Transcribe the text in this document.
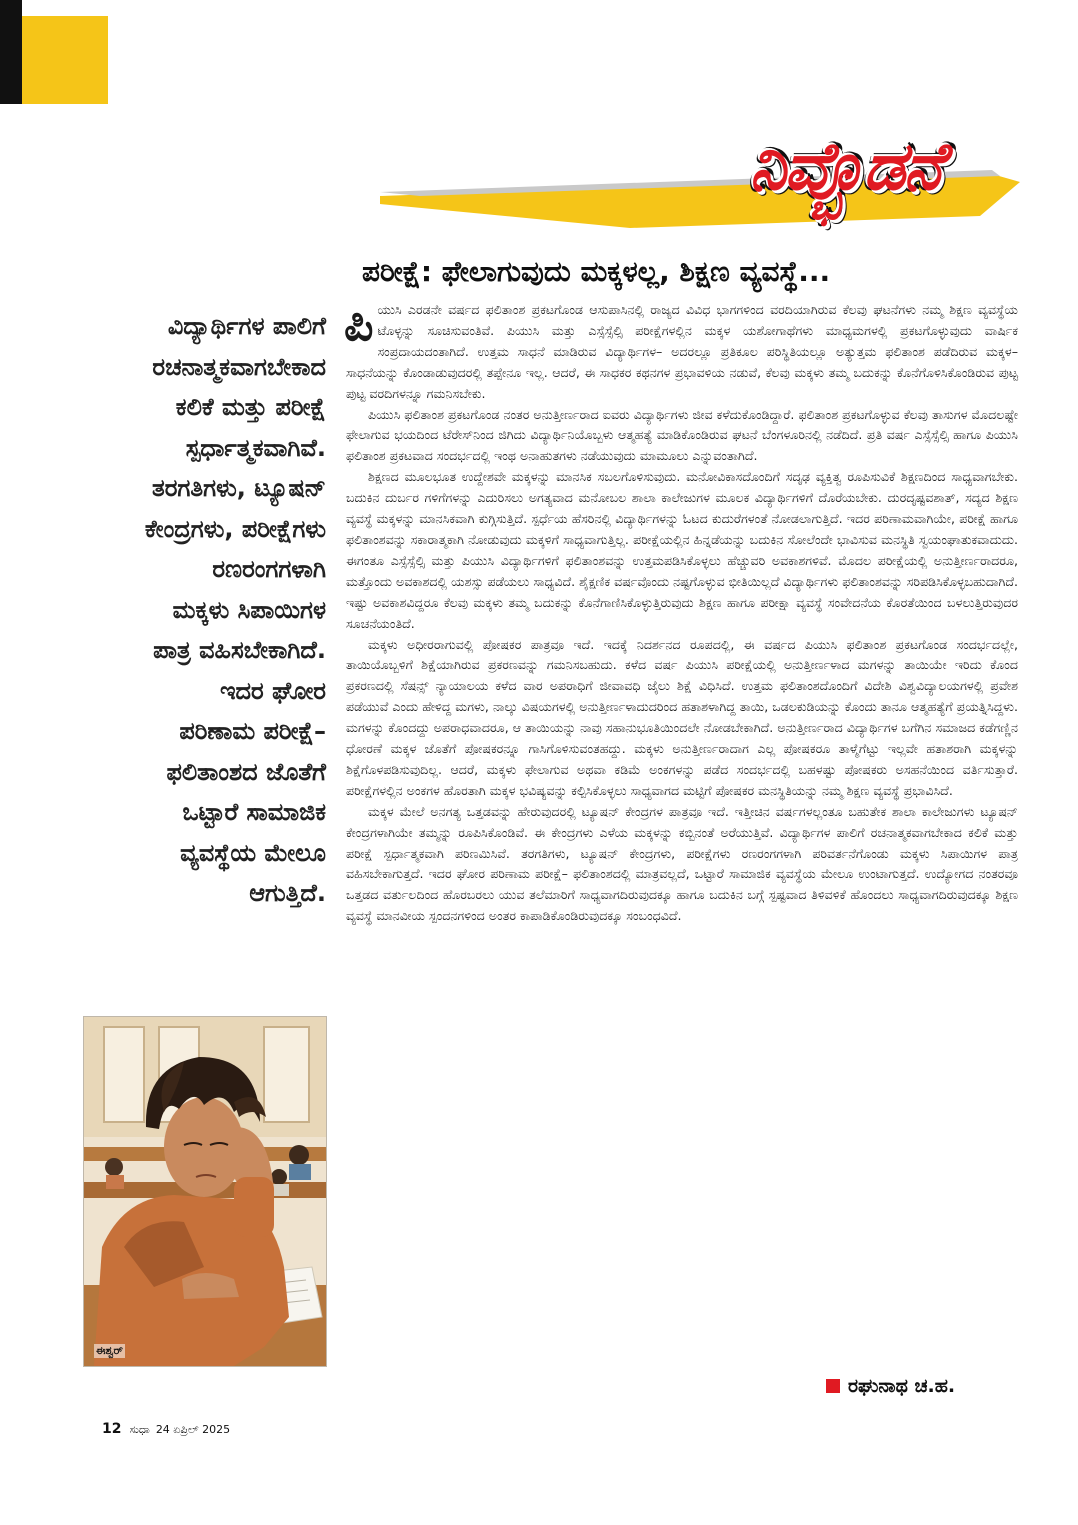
ನಿವ್ಭೊಡನೆ
ಪರೀಕ್ಷೆ: ಫೇಲಾಗುವುದು ಮಕ್ಕಳಲ್ಲ, ಶಿಕ್ಷಣ ವ್ಯವಸ್ಥೆ...

ವಿದ್ಯಾರ್ಥಿಗಳ ಪಾಲಿಗೆ

ರಚನಾತ್ಮಕವಾಗಬೇಕಾದ

ಕಲಿಕೆ ಮತ್ತು ಪರೀಕ್ಷೆ

ಸ್ಪರ್ಧಾತ್ಮಕವಾಗಿವೆ.

ತರಗತಿಗಳು, ಟ್ಯೂಷನ್

ಕೇಂದ್ರಗಳು, ಪರೀಕ್ಷೆಗಳು

ರಣರಂಗಗಳಾಗಿ

ಮಕ್ಕಳು ಸಿಪಾಯಿಗಳ

ಪಾತ್ರ ವಹಿಸಬೇಕಾಗಿದೆ.

ಇದರ ಘೋರ

ಪರಿಣಾಮ ಪರೀಕ್ಷೆ–

ಫಲಿತಾಂಶದ ಜೊತೆಗೆ

ಒಟ್ಟಾರೆ ಸಾಮಾಜಿಕ

ವ್ಯವಸ್ಥೆಯ ಮೇಲೂ

ಆಗುತ್ತಿದೆ.

ಈಶ್ವರ್

ಪಿಯುಸಿ ಎರಡನೇ ವರ್ಷದ ಫಲಿತಾಂಶ ಪ್ರಕಟಗೊಂಡ ಆಸುಪಾಸಿನಲ್ಲಿ ರಾಜ್ಯದ ವಿವಿಧ ಭಾಗಗಳಿಂದ ವರದಿಯಾಗಿರುವ ಕೆಲವು ಘಟನೆಗಳು ನಮ್ಮ ಶಿಕ್ಷಣ ವ್ಯವಸ್ಥೆಯ ಟೊಳ್ಳನ್ನು ಸೂಚಿಸುವಂತಿವೆ. ಪಿಯುಸಿ ಮತ್ತು ಎಸ್ಸೆಸ್ಸೆಲ್ಸಿ ಪರೀಕ್ಷೆಗಳಲ್ಲಿನ ಮಕ್ಕಳ ಯಶೋಗಾಥೆಗಳು ಮಾಧ್ಯಮಗಳಲ್ಲಿ ಪ್ರಕಟಗೊಳ್ಳುವುದು ವಾರ್ಷಿಕ ಸಂಪ್ರದಾಯದಂತಾಗಿದೆ. ಉತ್ತಮ ಸಾಧನೆ ಮಾಡಿರುವ ವಿದ್ಯಾರ್ಥಿಗಳ– ಅದರಲ್ಲೂ ಪ್ರತಿಕೂಲ ಪರಿಸ್ಥಿತಿಯಲ್ಲೂ ಅತ್ಯುತ್ತಮ ಫಲಿತಾಂಶ ಪಡೆದಿರುವ ಮಕ್ಕಳ– ಸಾಧನೆಯನ್ನು ಕೊಂಡಾಡುವುದರಲ್ಲಿ ತಪ್ಪೇನೂ ಇಲ್ಲ. ಆದರೆ, ಈ ಸಾಧಕರ ಕಥನಗಳ ಪ್ರಭಾವಳಿಯ ನಡುವೆ, ಕೆಲವು ಮಕ್ಕಳು ತಮ್ಮ ಬದುಕನ್ನು ಕೊನೆಗೊಳಿಸಿಕೊಂಡಿರುವ ಪುಟ್ಟ ಪುಟ್ಟ ವರದಿಗಳನ್ನೂ ಗಮನಿಸಬೇಕು.

ಪಿಯುಸಿ ಫಲಿತಾಂಶ ಪ್ರಕಟಗೊಂಡ ನಂತರ ಅನುತ್ತೀರ್ಣರಾದ ಐವರು ವಿದ್ಯಾರ್ಥಿಗಳು ಜೀವ ಕಳೆದುಕೊಂಡಿದ್ದಾರೆ. ಫಲಿತಾಂಶ ಪ್ರಕಟಗೊಳ್ಳುವ ಕೆಲವು ತಾಸುಗಳ ಮೊದಲಷ್ಟೇ ಫೇಲಾಗುವ ಭಯದಿಂದ ಟೆರೇಸ್‌ನಿಂದ ಜಿಗಿದು ವಿದ್ಯಾರ್ಥಿನಿಯೊಬ್ಬಳು ಆತ್ಮಹತ್ಯೆ ಮಾಡಿಕೊಂಡಿರುವ ಘಟನೆ ಬೆಂಗಳೂರಿನಲ್ಲಿ ನಡೆದಿದೆ. ಪ್ರತಿ ವರ್ಷ ಎಸ್ಸೆಸ್ಸೆಲ್ಸಿ ಹಾಗೂ ಪಿಯುಸಿ ಫಲಿತಾಂಶ ಪ್ರಕಟವಾದ ಸಂದರ್ಭದಲ್ಲಿ ಇಂಥ ಅನಾಹುತಗಳು ನಡೆಯುವುದು ಮಾಮೂಲು ಎನ್ನುವಂತಾಗಿದೆ.

ಶಿಕ್ಷಣದ ಮೂಲಭೂತ ಉದ್ದೇಶವೇ ಮಕ್ಕಳನ್ನು ಮಾನಸಿಕ ಸಬಲಗೊಳಿಸುವುದು. ಮನೋವಿಕಾಸದೊಂದಿಗೆ ಸದೃಢ ವ್ಯಕ್ತಿತ್ವ ರೂಪಿಸುವಿಕೆ ಶಿಕ್ಷಣದಿಂದ ಸಾಧ್ಯವಾಗಬೇಕು. ಬದುಕಿನ ದುರ್ಬರ ಗಳಿಗೆಗಳನ್ನು ಎದುರಿಸಲು ಅಗತ್ಯವಾದ ಮನೋಬಲ ಶಾಲಾ ಕಾಲೇಜುಗಳ ಮೂಲಕ ವಿದ್ಯಾರ್ಥಿಗಳಿಗೆ ದೊರೆಯಬೇಕು. ದುರದೃಷ್ಟವಶಾತ್, ಸದ್ಯದ ಶಿಕ್ಷಣ ವ್ಯವಸ್ಥೆ ಮಕ್ಕಳನ್ನು ಮಾನಸಿಕವಾಗಿ ಕುಗ್ಗಿಸುತ್ತಿದೆ. ಸ್ಪರ್ಧೆಯ ಹೆಸರಿನಲ್ಲಿ ವಿದ್ಯಾರ್ಥಿಗಳನ್ನು ಓಟದ ಕುದುರೆಗಳಂತೆ ನೋಡಲಾಗುತ್ತಿದೆ. ಇದರ ಪರಿಣಾಮವಾಗಿಯೇ, ಪರೀಕ್ಷೆ ಹಾಗೂ ಫಲಿತಾಂಶವನ್ನು ಸಕಾರಾತ್ಮಕಾಗಿ ನೋಡುವುದು ಮಕ್ಕಳಿಗೆ ಸಾಧ್ಯವಾಗುತ್ತಿಲ್ಲ. ಪರೀಕ್ಷೆಯಲ್ಲಿನ ಹಿನ್ನಡೆಯನ್ನು ಬದುಕಿನ ಸೋಲೆಂದೇ ಭಾವಿಸುವ ಮನಸ್ಥಿತಿ ಸ್ವಯಂಘಾತುಕವಾದುದು. ಈಗಂತೂ ಎಸ್ಸೆಸ್ಸೆಲ್ಸಿ ಮತ್ತು ಪಿಯುಸಿ ವಿದ್ಯಾರ್ಥಿಗಳಿಗೆ ಫಲಿತಾಂಶವನ್ನು ಉತ್ತಮಪಡಿಸಿಕೊಳ್ಳಲು ಹೆಚ್ಚುವರಿ ಅವಕಾಶಗಳಿವೆ. ಮೊದಲ ಪರೀಕ್ಷೆಯಲ್ಲಿ ಅನುತ್ತೀರ್ಣರಾದರೂ, ಮತ್ತೊಂದು ಅವಕಾಶದಲ್ಲಿ ಯಶಸ್ಸು ಪಡೆಯಲು ಸಾಧ್ಯವಿದೆ. ಶೈಕ್ಷಣಿಕ ವರ್ಷವೊಂದು ನಷ್ಟಗೊಳ್ಳುವ ಭೀತಿಯಿಲ್ಲದೆ ವಿದ್ಯಾರ್ಥಿಗಳು ಫಲಿತಾಂಶವನ್ನು ಸರಿಪಡಿಸಿಕೊಳ್ಳಬಹುದಾಗಿದೆ. ಇಷ್ಟು ಅವಕಾಶವಿದ್ದರೂ ಕೆಲವು ಮಕ್ಕಳು ತಮ್ಮ ಬದುಕನ್ನು ಕೊನೆಗಾಣಿಸಿಕೊಳ್ಳುತ್ತಿರುವುದು ಶಿಕ್ಷಣ ಹಾಗೂ ಪರೀಕ್ಷಾ ವ್ಯವಸ್ಥೆ ಸಂವೇದನೆಯ ಕೊರತೆಯಿಂದ ಬಳಲುತ್ತಿರುವುದರ ಸೂಚನೆಯಂತಿದೆ.

ಮಕ್ಕಳು ಅಧೀರರಾಗುವಲ್ಲಿ ಪೋಷಕರ ಪಾತ್ರವೂ ಇದೆ. ಇದಕ್ಕೆ ನಿದರ್ಶನದ ರೂಪದಲ್ಲಿ, ಈ ವರ್ಷದ ಪಿಯುಸಿ ಫಲಿತಾಂಶ ಪ್ರಕಟಗೊಂಡ ಸಂದರ್ಭದಲ್ಲೇ, ತಾಯಿಯೊಬ್ಬಳಿಗೆ ಶಿಕ್ಷೆಯಾಗಿರುವ ಪ್ರಕರಣವನ್ನು ಗಮನಿಸಬಹುದು. ಕಳೆದ ವರ್ಷ ಪಿಯುಸಿ ಪರೀಕ್ಷೆಯಲ್ಲಿ ಅನುತ್ತೀರ್ಣಳಾದ ಮಗಳನ್ನು ತಾಯಿಯೇ ಇರಿದು ಕೊಂದ ಪ್ರಕರಣದಲ್ಲಿ ಸೆಷನ್ಸ್ ನ್ಯಾಯಾಲಯ ಕಳೆದ ವಾರ ಅಪರಾಧಿಗೆ ಜೀವಾವಧಿ ಜೈಲು ಶಿಕ್ಷೆ ವಿಧಿಸಿದೆ. ಉತ್ತಮ ಫಲಿತಾಂಶದೊಂದಿಗೆ ವಿದೇಶಿ ವಿಶ್ವವಿದ್ಯಾಲಯಗಳಲ್ಲಿ ಪ್ರವೇಶ ಪಡೆಯುವೆ ಎಂದು ಹೇಳಿದ್ದ ಮಗಳು, ನಾಲ್ಕು ವಿಷಯಗಳಲ್ಲಿ ಅನುತ್ತೀರ್ಣಳಾದುದರಿಂದ ಹತಾಶಳಾಗಿದ್ದ ತಾಯಿ, ಒಡಲಕುಡಿಯನ್ನು ಕೊಂದು ತಾನೂ ಆತ್ಮಹತ್ಯೆಗೆ ಪ್ರಯತ್ನಿಸಿದ್ದಳು. ಮಗಳನ್ನು ಕೊಂದದ್ದು ಅಪರಾಧವಾದರೂ, ಆ ತಾಯಿಯನ್ನು ನಾವು ಸಹಾನುಭೂತಿಯಿಂದಲೇ ನೋಡಬೇಕಾಗಿದೆ. ಅನುತ್ತೀರ್ಣರಾದ ವಿದ್ಯಾರ್ಥಿಗಳ ಬಗೆಗಿನ ಸಮಾಜದ ಕಡೆಗಣ್ಣಿನ ಧೋರಣೆ ಮಕ್ಕಳ ಜೊತೆಗೆ ಪೋಷಕರನ್ನೂ ಗಾಸಿಗೊಳಿಸುವಂತಹದ್ದು. ಮಕ್ಕಳು ಅನುತ್ತೀರ್ಣರಾದಾಗ ಎಲ್ಲ ಪೋಷಕರೂ ತಾಳ್ಮೆಗೆಟ್ಟು ಇಲ್ಲವೇ ಹತಾಶರಾಗಿ ಮಕ್ಕಳನ್ನು ಶಿಕ್ಷೆಗೊಳಪಡಿಸುವುದಿಲ್ಲ. ಆದರೆ, ಮಕ್ಕಳು ಫೇಲಾಗುವ ಅಥವಾ ಕಡಿಮೆ ಅಂಕಗಳನ್ನು ಪಡೆದ ಸಂದರ್ಭದಲ್ಲಿ ಬಹಳಷ್ಟು ಪೋಷಕರು ಅಸಹನೆಯಿಂದ ವರ್ತಿಸುತ್ತಾರೆ. ಪರೀಕ್ಷೆಗಳಲ್ಲಿನ ಅಂಕಗಳ ಹೊರತಾಗಿ ಮಕ್ಕಳ ಭವಿಷ್ಯವನ್ನು ಕಲ್ಪಿಸಿಕೊಳ್ಳಲು ಸಾಧ್ಯವಾಗದ ಮಟ್ಟಿಗೆ ಪೋಷಕರ ಮನಸ್ಥಿತಿಯನ್ನು ನಮ್ಮ ಶಿಕ್ಷಣ ವ್ಯವಸ್ಥೆ ಪ್ರಭಾವಿಸಿದೆ.

ಮಕ್ಕಳ ಮೇಲೆ ಅನಗತ್ಯ ಒತ್ತಡವನ್ನು ಹೇರುವುದರಲ್ಲಿ ಟ್ಯೂಷನ್ ಕೇಂದ್ರಗಳ ಪಾತ್ರವೂ ಇದೆ. ಇತ್ತೀಚಿನ ವರ್ಷಗಳಲ್ಲಂತೂ ಬಹುತೇಕ ಶಾಲಾ ಕಾಲೇಜುಗಳು ಟ್ಯೂಷನ್ ಕೇಂದ್ರಗಳಾಗಿಯೇ ತಮ್ಮನ್ನು ರೂಪಿಸಿಕೊಂಡಿವೆ. ಈ ಕೇಂದ್ರಗಳು ಎಳೆಯ ಮಕ್ಕಳನ್ನು ಕಬ್ಬಿನಂತೆ ಅರೆಯುತ್ತಿವೆ. ವಿದ್ಯಾರ್ಥಿಗಳ ಪಾಲಿಗೆ ರಚನಾತ್ಮಕವಾಗಬೇಕಾದ ಕಲಿಕೆ ಮತ್ತು ಪರೀಕ್ಷೆ ಸ್ಪರ್ಧಾತ್ಮಕವಾಗಿ ಪರಿಣಮಿಸಿವೆ. ತರಗತಿಗಳು, ಟ್ಯೂಷನ್ ಕೇಂದ್ರಗಳು, ಪರೀಕ್ಷೆಗಳು ರಣರಂಗಗಳಾಗಿ ಪರಿವರ್ತನೆಗೊಂಡು ಮಕ್ಕಳು ಸಿಪಾಯಿಗಳ ಪಾತ್ರ ವಹಿಸಬೇಕಾಗುತ್ತದೆ. ಇದರ ಘೋರ ಪರಿಣಾಮ ಪರೀಕ್ಷೆ– ಫಲಿತಾಂಶದಲ್ಲಿ ಮಾತ್ರವಲ್ಲದೆ, ಒಟ್ಟಾರೆ ಸಾಮಾಜಿಕ ವ್ಯವಸ್ಥೆಯ ಮೇಲೂ ಉಂಟಾಗುತ್ತದೆ. ಉದ್ಯೋಗದ ನಂತರವೂ ಒತ್ತಡದ ವರ್ತುಲದಿಂದ ಹೊರಬರಲು ಯುವ ತಲೆಮಾರಿಗೆ ಸಾಧ್ಯವಾಗದಿರುವುದಕ್ಕೂ ಹಾಗೂ ಬದುಕಿನ ಬಗ್ಗೆ ಸ್ಪಷ್ಟವಾದ ತಿಳಿವಳಿಕೆ ಹೊಂದಲು ಸಾಧ್ಯವಾಗದಿರುವುದಕ್ಕೂ ಶಿಕ್ಷಣ ವ್ಯವಸ್ಥೆ ಮಾನವೀಯ ಸ್ಪಂದನಗಳಿಂದ ಅಂತರ ಕಾಪಾಡಿಕೊಂಡಿರುವುದಕ್ಕೂ ಸಂಬಂಧವಿದೆ.

ರಘುನಾಥ ಚ.ಹ.
12 ಸುಧಾ 24 ಏಪ್ರಿಲ್ 2025
